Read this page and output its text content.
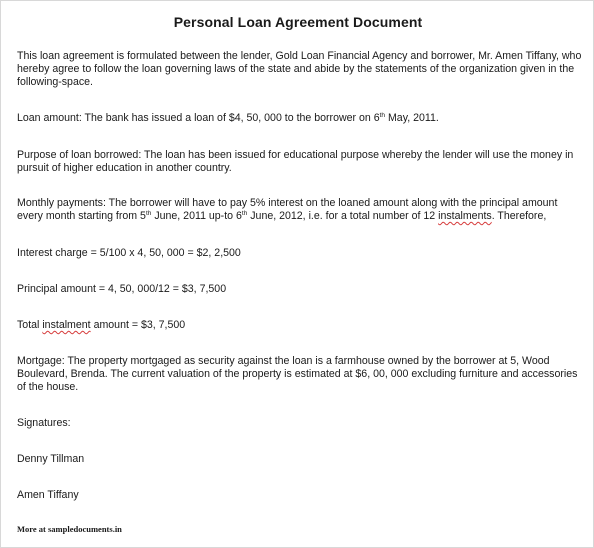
Personal Loan Agreement Document
This loan agreement is formulated between the lender, Gold Loan Financial Agency and borrower, Mr. Amen Tiffany, who hereby agree to follow the loan governing laws of the state and abide by the statements of the organization given in the following-space.
Loan amount: The bank has issued a loan of $4, 50, 000 to the borrower on 6th May, 2011.
Purpose of loan borrowed: The loan has been issued for educational purpose whereby the lender will use the money in pursuit of higher education in another country.
Monthly payments: The borrower will have to pay 5% interest on the loaned amount along with the principal amount every month starting from 5th June, 2011 up-to 6th June, 2012, i.e. for a total number of 12 instalments. Therefore,
Interest charge = 5/100 x 4, 50, 000 = $2, 2,500
Principal amount = 4, 50, 000/12 = $3, 7,500
Total instalment amount = $3, 7,500
Mortgage: The property mortgaged as security against the loan is a farmhouse owned by the borrower at 5, Wood Boulevard, Brenda. The current valuation of the property is estimated at $6, 00, 000 excluding furniture and accessories of the house.
Signatures:
Denny Tillman
Amen Tiffany
More at sampledocuments.in
